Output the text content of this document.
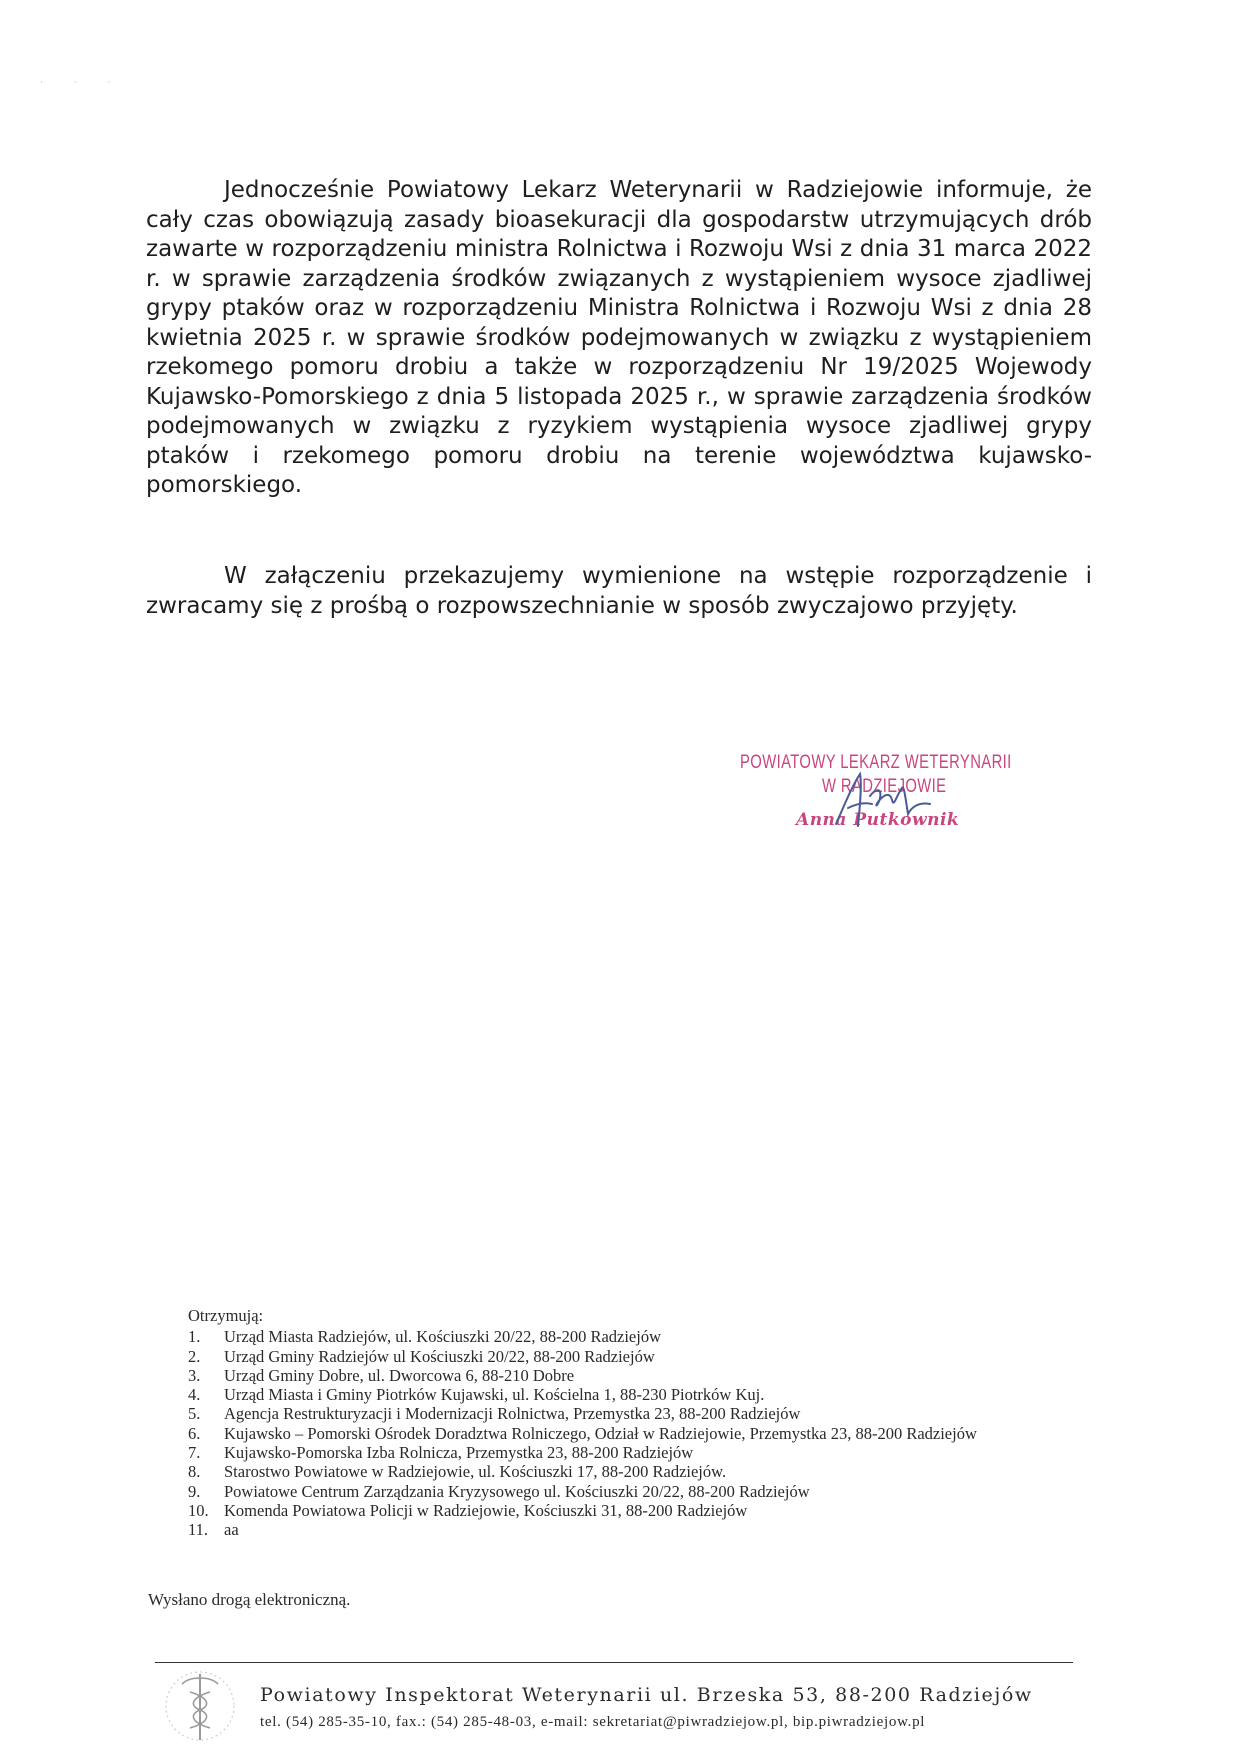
· · ·

Jednocześnie Powiatowy Lekarz Weterynarii w Radziejowie informuje, że cały czas obowiązują zasady bioasekuracji dla gospodarstw utrzymujących drób zawarte w rozporządzeniu ministra Rolnictwa i Rozwoju Wsi z dnia 31 marca 2022 r. w sprawie zarządzenia środków związanych z wystąpieniem wysoce zjadliwej grypy ptaków oraz w rozporządzeniu Ministra Rolnictwa i Rozwoju Wsi z dnia 28 kwietnia 2025 r. w sprawie środków podejmowanych w związku z wystąpieniem rzekomego pomoru drobiu a także w rozporządzeniu Nr 19/2025 Wojewody Kujawsko-Pomorskiego z dnia 5 listopada 2025 r., w sprawie zarządzenia środków podejmowanych w związku z ryzykiem wystąpienia wysoce zjadliwej grypy ptaków i rzekomego pomoru drobiu na terenie województwa kujawsko-pomorskiego.

W załączeniu przekazujemy wymienione na wstępie rozporządzenie i zwracamy się z prośbą o rozpowszechnianie w sposób zwyczajowo przyjęty.

POWIATOWY LEKARZ WETERYNARII
W RADZIEJOWIE
Anna Putkownik

Otrzymują:

1. Urząd Miasta Radziejów, ul. Kościuszki 20/22, 88-200 Radziejów
2. Urząd Gminy Radziejów ul Kościuszki 20/22, 88-200 Radziejów
3. Urząd Gminy Dobre, ul. Dworcowa 6, 88-210 Dobre
4. Urząd Miasta i Gminy Piotrków Kujawski, ul. Kościelna 1, 88-230 Piotrków Kuj.
5. Agencja Restrukturyzacji i Modernizacji Rolnictwa, Przemystka 23, 88-200 Radziejów
6. Kujawsko – Pomorski Ośrodek Doradztwa Rolniczego, Odział w Radziejowie, Przemystka 23, 88-200 Radziejów
7. Kujawsko-Pomorska Izba Rolnicza, Przemystka 23, 88-200 Radziejów
8. Starostwo Powiatowe w Radziejowie, ul. Kościuszki 17, 88-200 Radziejów.
9. Powiatowe Centrum Zarządzania Kryzysowego ul. Kościuszki 20/22, 88-200 Radziejów
10. Komenda Powiatowa Policji w Radziejowie, Kościuszki 31, 88-200 Radziejów
11. aa
Wysłano drogą elektroniczną.
Powiatowy Inspektorat Weterynarii ul. Brzeska 53, 88-200 Radziejów
tel. (54) 285-35-10, fax.: (54) 285-48-03, e-mail: sekretariat@piwradziejow.pl, bip.piwradziejow.pl
